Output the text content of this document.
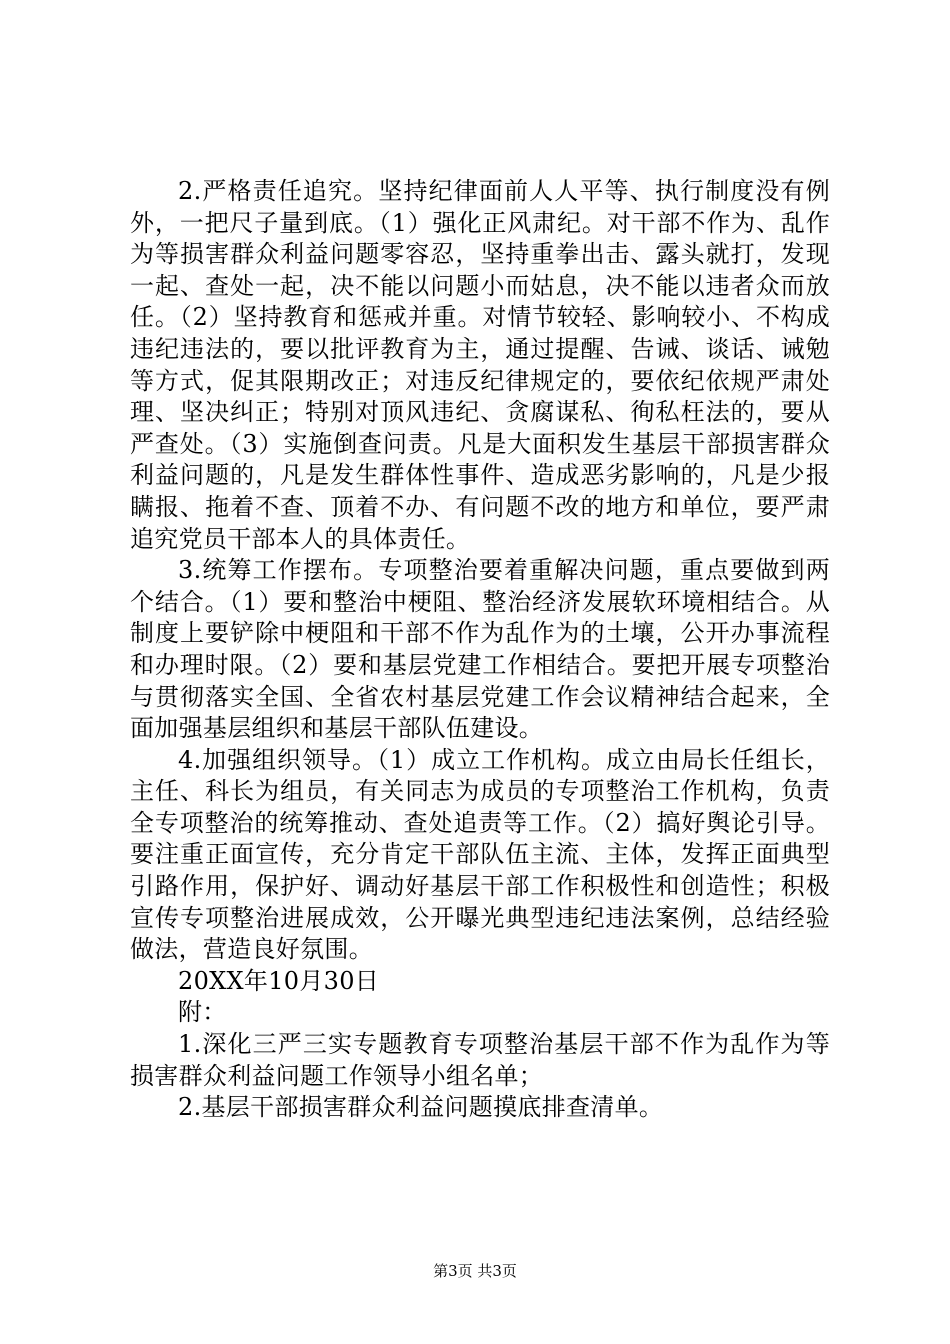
2.严格责任追究。坚持纪律面前人人平等、执行制度没有例外，一把尺子量到底。（1）强化正风肃纪。对干部不作为、乱作为等损害群众利益问题零容忍，坚持重拳出击、露头就打，发现一起、查处一起，决不能以问题小而姑息，决不能以违者众而放任。（2）坚持教育和惩戒并重。对情节较轻、影响较小、不构成违纪违法的，要以批评教育为主，通过提醒、告诫、谈话、诫勉等方式，促其限期改正；对违反纪律规定的，要依纪依规严肃处理、坚决纠正；特别对顶风违纪、贪腐谋私、徇私枉法的，要从严查处。（3）实施倒查问责。凡是大面积发生基层干部损害群众利益问题的，凡是发生群体性事件、造成恶劣影响的，凡是少报瞒报、拖着不查、顶着不办、有问题不改的地方和单位，要严肃追究党员干部本人的具体责任。

3.统筹工作摆布。专项整治要着重解决问题，重点要做到两个结合。（1）要和整治中梗阻、整治经济发展软环境相结合。从制度上要铲除中梗阻和干部不作为乱作为的土壤，公开办事流程和办理时限。（2）要和基层党建工作相结合。要把开展专项整治与贯彻落实全国、全省农村基层党建工作会议精神结合起来，全面加强基层组织和基层干部队伍建设。

4.加强组织领导。（1）成立工作机构。成立由局长任组长，主任、科长为组员，有关同志为成员的专项整治工作机构，负责全专项整治的统筹推动、查处追责等工作。（2）搞好舆论引导。要注重正面宣传，充分肯定干部队伍主流、主体，发挥正面典型引路作用，保护好、调动好基层干部工作积极性和创造性；积极宣传专项整治进展成效，公开曝光典型违纪违法案例，总结经验做法，营造良好氛围。

20XX年10月30日

附：

1.深化三严三实专题教育专项整治基层干部不作为乱作为等损害群众利益问题工作领导小组名单；

2.基层干部损害群众利益问题摸底排查清单。

第3页 共3页
